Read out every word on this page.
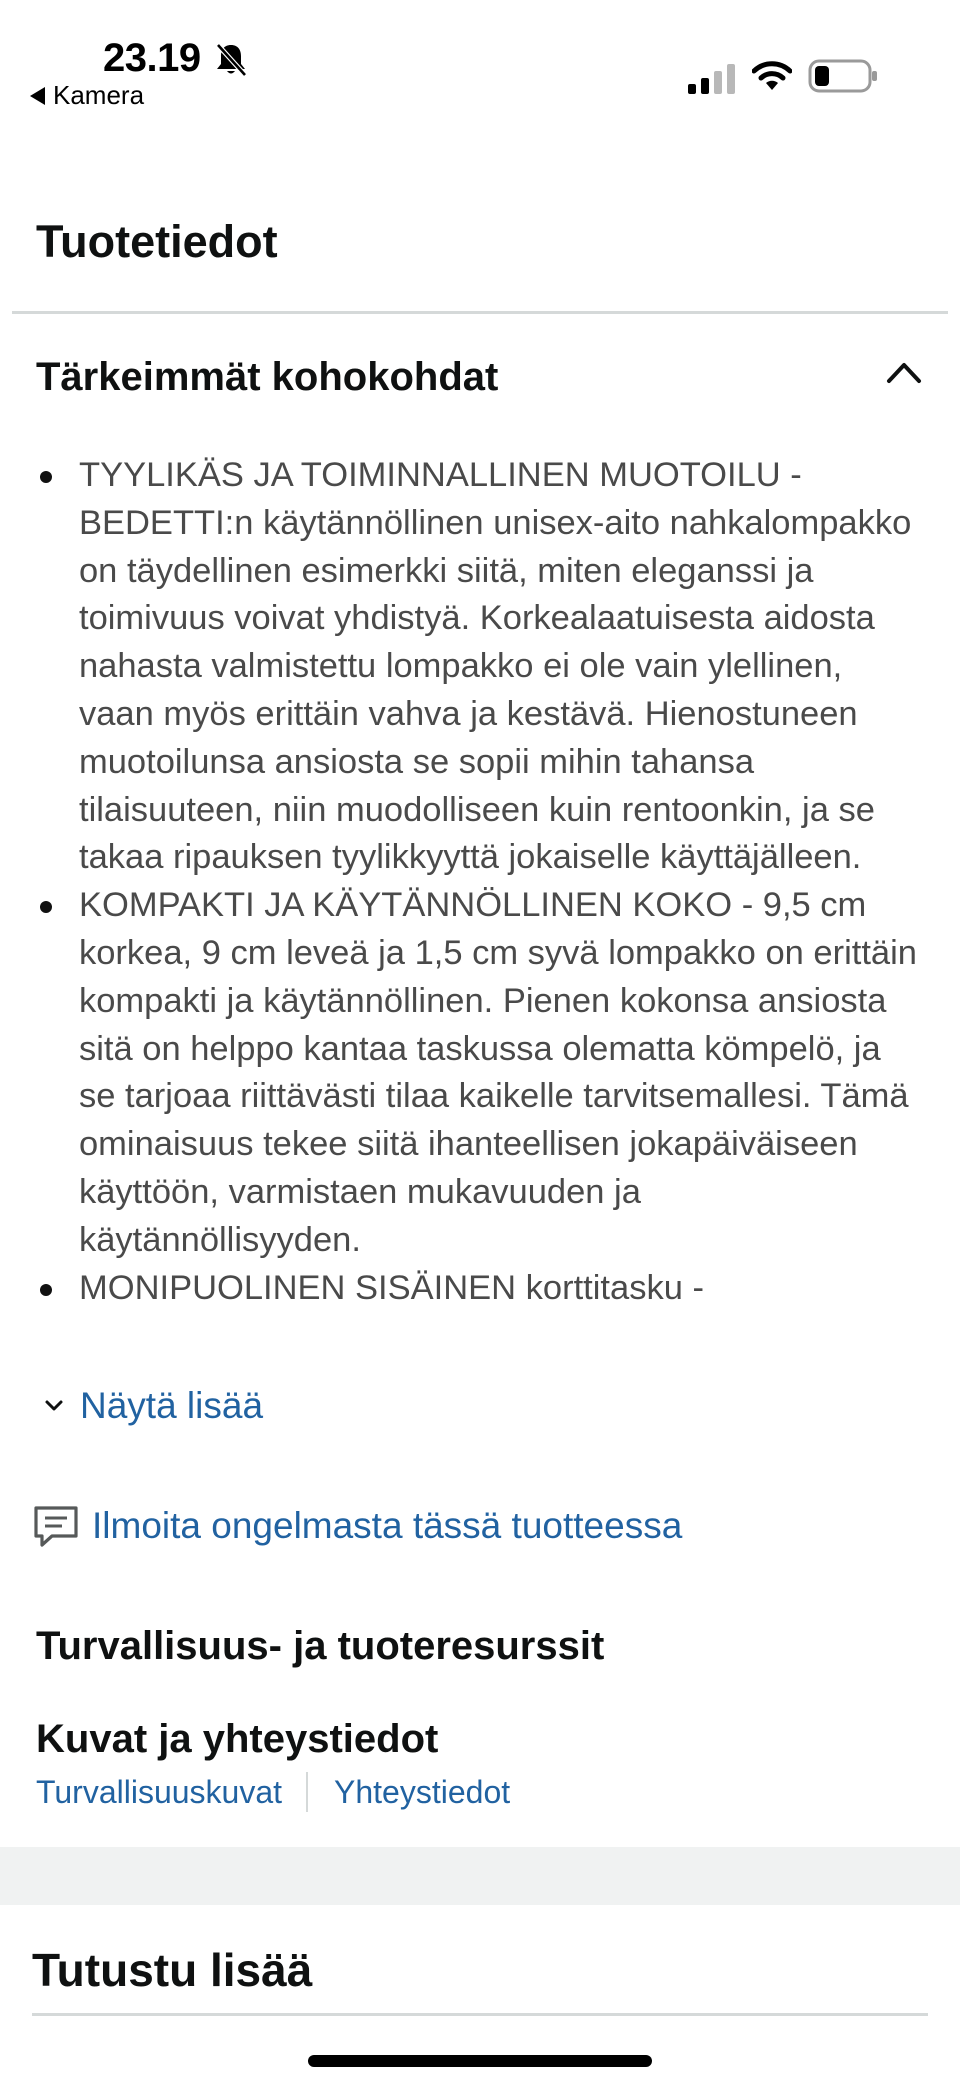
23.19
Kamera
Tuotetiedot
Tärkeimmät kohokohdat
TYYLIKÄS JA TOIMINNALLINEN MUOTOILU - BEDETTI:n käytännöllinen unisex-aito nahkalompakko on täydellinen esimerkki siitä, miten eleganssi ja toimivuus voivat yhdistyä. Korkealaatuisesta aidosta nahasta valmistettu lompakko ei ole vain ylellinen, vaan myös erittäin vahva ja kestävä. Hienostuneen muotoilunsa ansiosta se sopii mihin tahansa tilaisuuteen, niin muodolliseen kuin rentoonkin, ja se takaa ripauksen tyylikkyyttä jokaiselle käyttäjälleen.
KOMPAKTI JA KÄYTÄNNÖLLINEN KOKO - 9,5 cm korkea, 9 cm leveä ja 1,5 cm syvä lompakko on erittäin kompakti ja käytännöllinen. Pienen kokonsa ansiosta sitä on helppo kantaa taskussa olematta kömpelö, ja se tarjoaa riittävästi tilaa kaikelle tarvitsemallesi. Tämä ominaisuus tekee siitä ihanteellisen jokapäiväiseen käyttöön, varmistaen mukavuuden ja käytännöllisyyden.
MONIPUOLINEN SISÄINEN korttitasku -
Näytä lisää
Ilmoita ongelmasta tässä tuotteessa
Turvallisuus- ja tuoteresurssit
Kuvat ja yhteystiedot
Turvallisuuskuvat Yhteystiedot
Tutustu lisää
